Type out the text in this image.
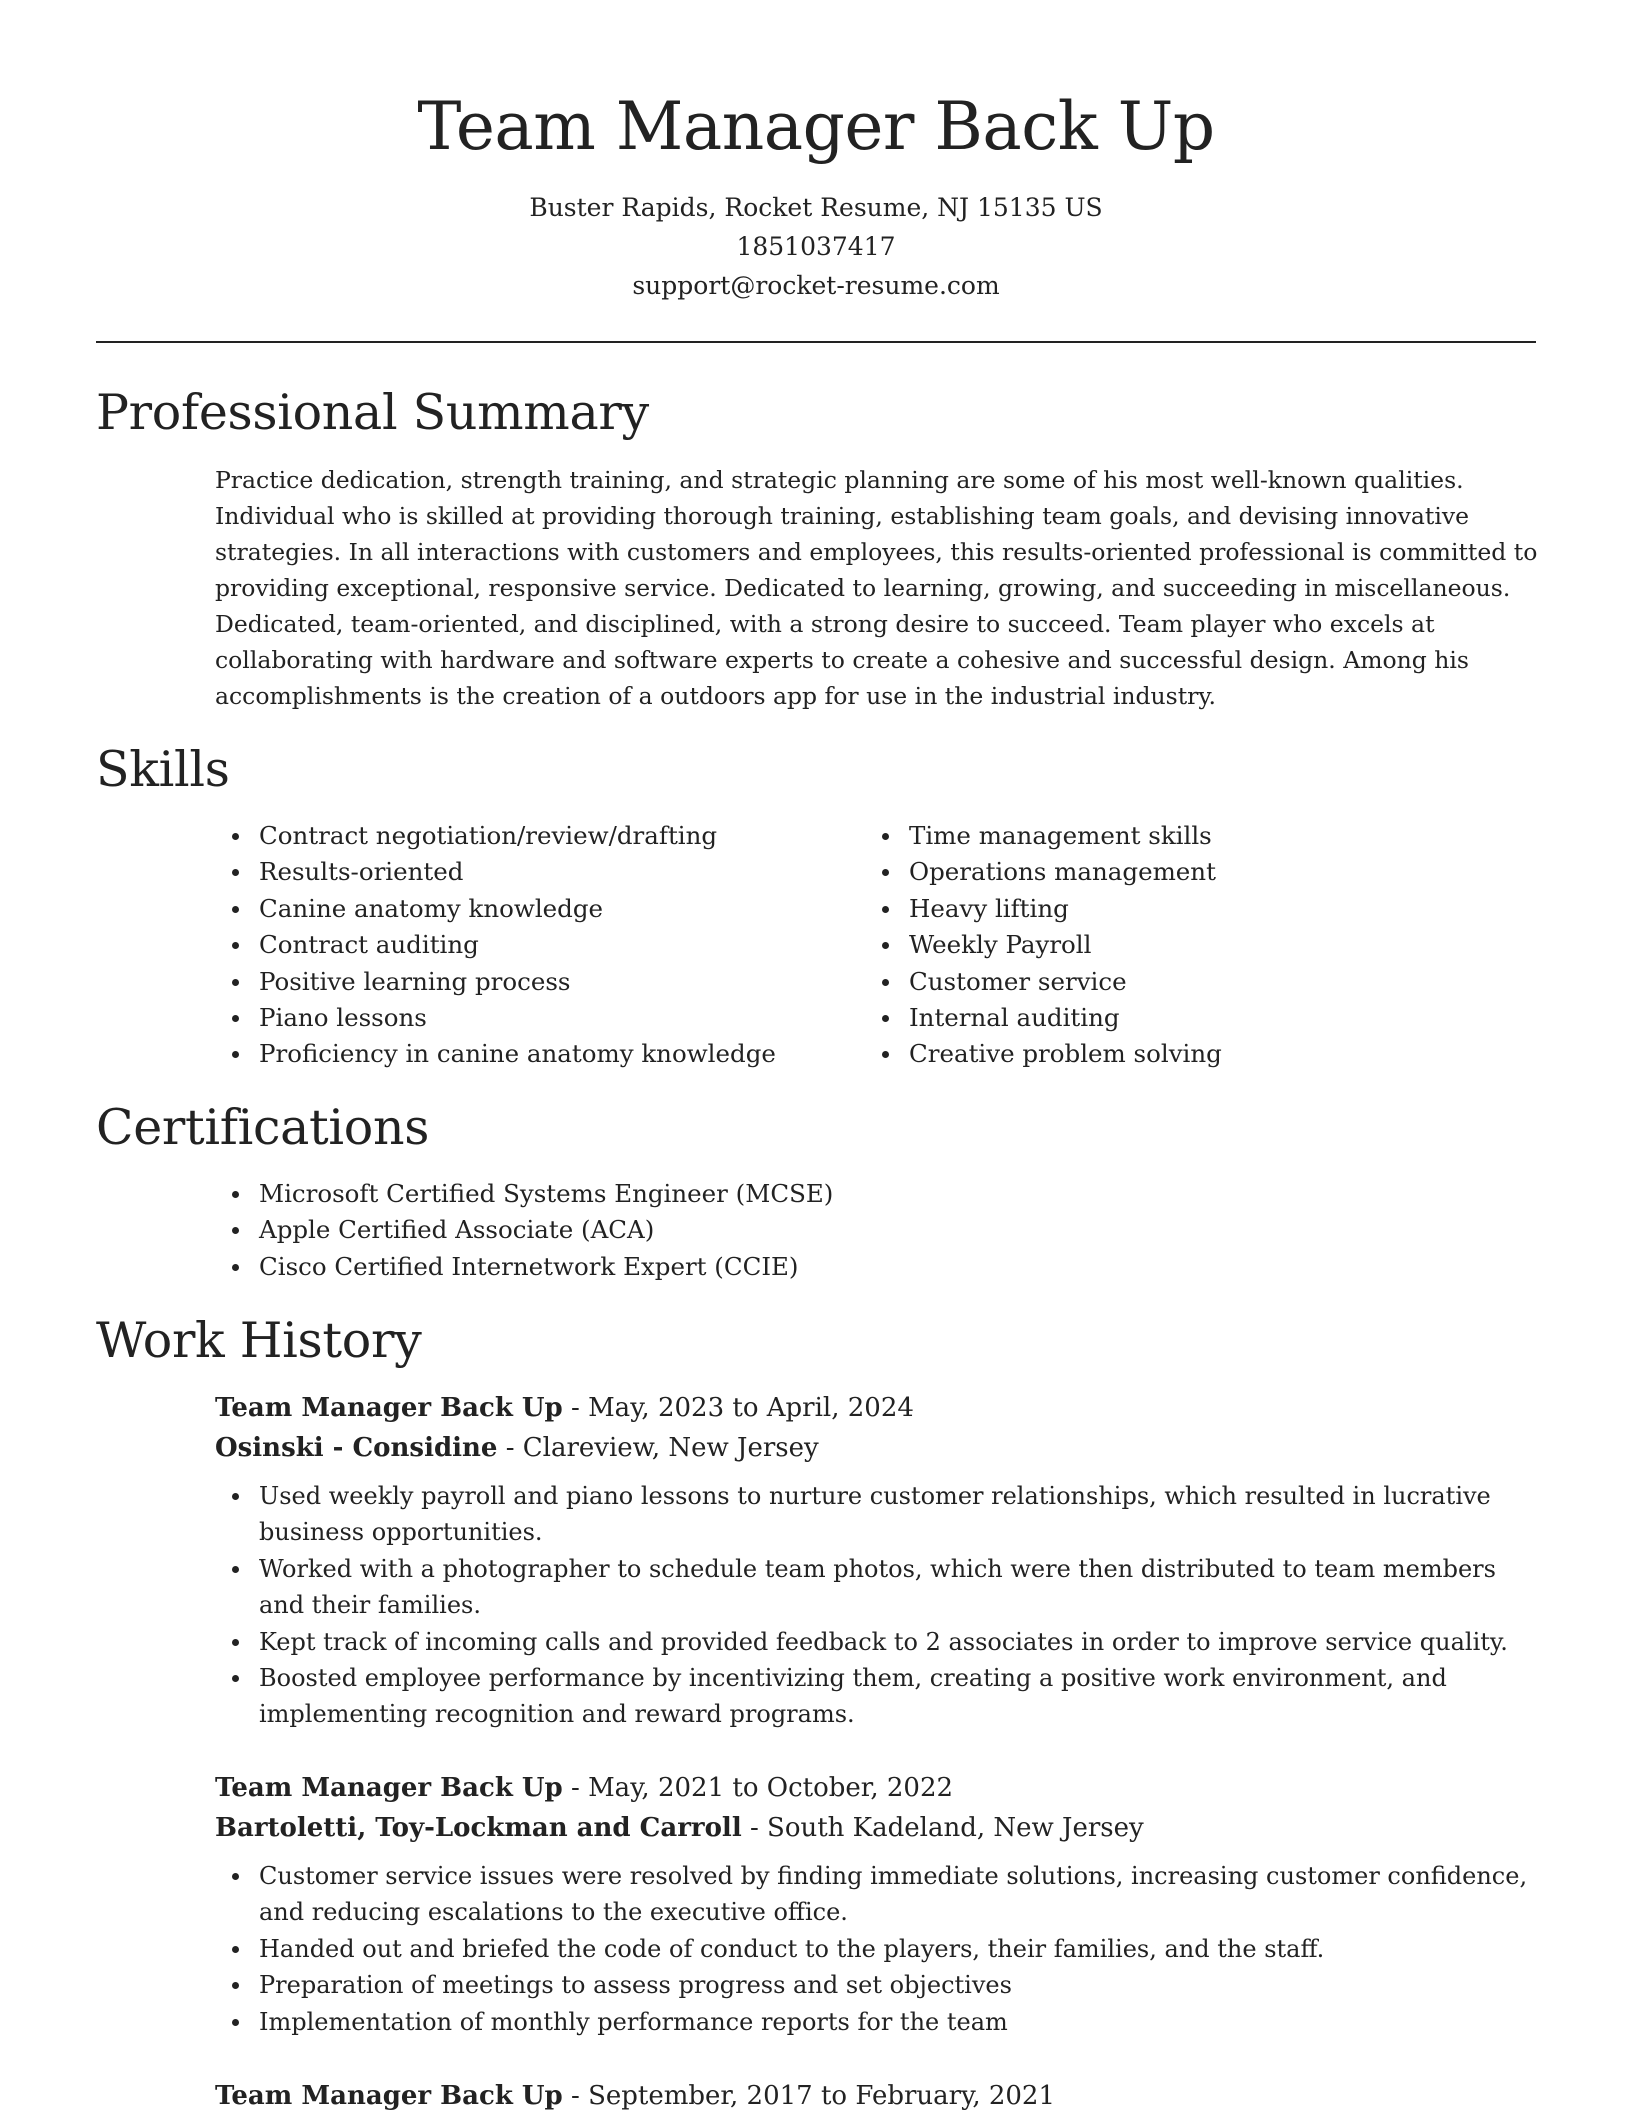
Team Manager Back Up
Buster Rapids, Rocket Resume, NJ 15135 US
1851037417
support@rocket-resume.com
Professional Summary

Practice dedication, strength training, and strategic planning are some of his most well-known qualities. Individual who is skilled at providing thorough training, establishing team goals, and devising innovative strategies. In all interactions with customers and employees, this results-oriented professional is committed to providing exceptional, responsive service. Dedicated to learning, growing, and succeeding in miscellaneous. Dedicated, team-oriented, and disciplined, with a strong desire to succeed. Team player who excels at collaborating with hardware and software experts to create a cohesive and successful design. Among his accomplishments is the creation of a outdoors app for use in the industrial industry.

Skills
Contract negotiation/review/drafting
Results-oriented
Canine anatomy knowledge
Contract auditing
Positive learning process
Piano lessons
Proficiency in canine anatomy knowledge
Time management skills
Operations management
Heavy lifting
Weekly Payroll
Customer service
Internal auditing
Creative problem solving
Certifications
Microsoft Certified Systems Engineer (MCSE)
Apple Certified Associate (ACA)
Cisco Certified Internetwork Expert (CCIE)
Work History
Team Manager Back Up - May, 2023 to April, 2024
Osinski - Considine - Clareview, New Jersey
Used weekly payroll and piano lessons to nurture customer relationships, which resulted in lucrative business opportunities.
Worked with a photographer to schedule team photos, which were then distributed to team members and their families.
Kept track of incoming calls and provided feedback to 2 associates in order to improve service quality.
Boosted employee performance by incentivizing them, creating a positive work environment, and implementing recognition and reward programs.
Team Manager Back Up - May, 2021 to October, 2022
Bartoletti, Toy-Lockman and Carroll - South Kadeland, New Jersey
Customer service issues were resolved by finding immediate solutions, increasing customer confidence, and reducing escalations to the executive office.
Handed out and briefed the code of conduct to the players, their families, and the staff.
Preparation of meetings to assess progress and set objectives
Implementation of monthly performance reports for the team
Team Manager Back Up - September, 2017 to February, 2021
